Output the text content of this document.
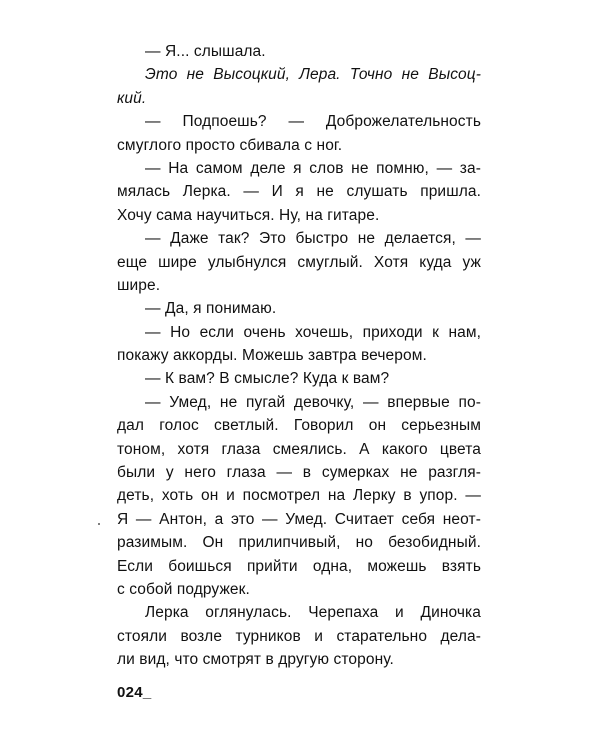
— Я... слышала.
Это не Высоцкий, Лера. Точно не Высоц-
кий.
— Подпоешь? — Доброжелательность
смуглого просто сбивала с ног.
— На самом деле я слов не помню, — за-
мялась Лерка. — И я не слушать пришла.
Хочу сама научиться. Ну, на гитаре.
— Даже так? Это быстро не делается, —
еще шире улыбнулся смуглый. Хотя куда уж
шире.
— Да, я понимаю.
— Но если очень хочешь, приходи к нам,
покажу аккорды. Можешь завтра вечером.
— К вам? В смысле? Куда к вам?
— Умед, не пугай девочку, — впервые по-
дал голос светлый. Говорил он серьезным
тоном, хотя глаза смеялись. А какого цвета
были у него глаза — в сумерках не разгля-
деть, хоть он и посмотрел на Лерку в упор. —
Я — Антон, а это — Умед. Считает себя неот-
разимым. Он прилипчивый, но безобидный.
Если боишься прийти одна, можешь взять
с собой подружек.
Лерка оглянулась. Черепаха и Диночка
стояли возле турников и старательно дела-
ли вид, что смотрят в другую сторону.
024_
